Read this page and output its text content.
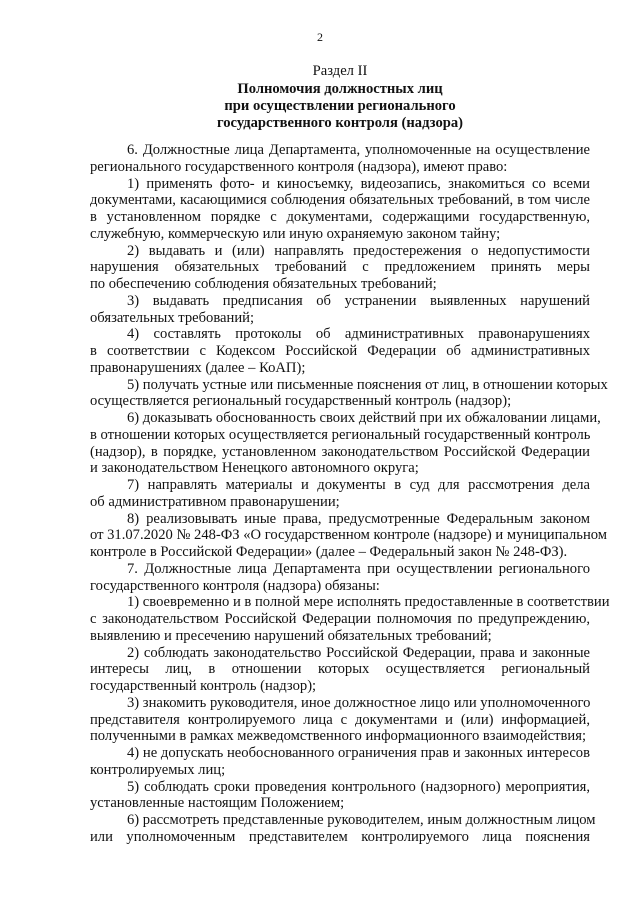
2
Раздел II
Полномочия должностных лиц
при осуществлении регионального
государственного контроля (надзора)
6. Должностные лица Департамента, уполномоченные на осуществление
регионального государственного контроля (надзора), имеют право:
1) применять фото- и киносъемку, видеозапись, знакомиться со всеми
документами, касающимися соблюдения обязательных требований, в том числе
в установленном порядке с документами, содержащими государственную,
служебную, коммерческую или иную охраняемую законом тайну;
2) выдавать и (или) направлять предостережения о недопустимости
нарушения обязательных требований с предложением принять меры
по обеспечению соблюдения обязательных требований;
3) выдавать предписания об устранении выявленных нарушений
обязательных требований;
4) составлять протоколы об административных правонарушениях
в соответствии с Кодексом Российской Федерации об административных
правонарушениях (далее – КоАП);
5) получать устные или письменные пояснения от лиц, в отношении которых
осуществляется региональный государственный контроль (надзор);
6) доказывать обоснованность своих действий при их обжаловании лицами,
в отношении которых осуществляется региональный государственный контроль
(надзор), в порядке, установленном законодательством Российской Федерации
и законодательством Ненецкого автономного округа;
7) направлять материалы и документы в суд для рассмотрения дела
об административном правонарушении;
8) реализовывать иные права, предусмотренные Федеральным законом
от 31.07.2020 № 248-ФЗ «О государственном контроле (надзоре) и муниципальном
контроле в Российской Федерации» (далее – Федеральный закон № 248-ФЗ).
7. Должностные лица Департамента при осуществлении регионального
государственного контроля (надзора) обязаны:
1) своевременно и в полной мере исполнять предоставленные в соответствии
с законодательством Российской Федерации полномочия по предупреждению,
выявлению и пресечению нарушений обязательных требований;
2) соблюдать законодательство Российской Федерации, права и законные
интересы лиц, в отношении которых осуществляется региональный
государственный контроль (надзор);
3) знакомить руководителя, иное должностное лицо или уполномоченного
представителя контролируемого лица с документами и (или) информацией,
полученными в рамках межведомственного информационного взаимодействия;
4) не допускать необоснованного ограничения прав и законных интересов
контролируемых лиц;
5) соблюдать сроки проведения контрольного (надзорного) мероприятия,
установленные настоящим Положением;
6) рассмотреть представленные руководителем, иным должностным лицом
или уполномоченным представителем контролируемого лица пояснения
